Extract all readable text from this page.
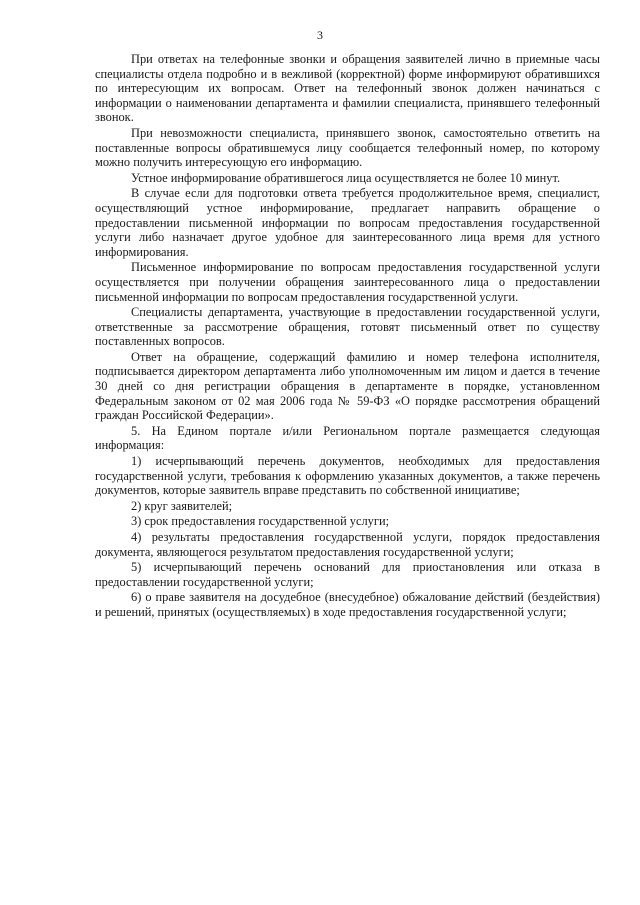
3

При ответах на телефонные звонки и обращения заявителей лично в приемные часы специалисты отдела подробно и в вежливой (корректной) форме информируют обратившихся по интересующим их вопросам. Ответ на телефонный звонок должен начинаться с информации о наименовании департамента и фамилии специалиста, принявшего телефонный звонок.

При невозможности специалиста, принявшего звонок, самостоятельно ответить на поставленные вопросы обратившемуся лицу сообщается телефонный номер, по которому можно получить интересующую его информацию.

Устное информирование обратившегося лица осуществляется не более 10 минут.

В случае если для подготовки ответа требуется продолжительное время, специалист, осуществляющий устное информирование, предлагает направить обращение о предоставлении письменной информации по вопросам предоставления государственной услуги либо назначает другое удобное для заинтересованного лица время для устного информирования.

Письменное информирование по вопросам предоставления государственной услуги осуществляется при получении обращения заинтересованного лица о предоставлении письменной информации по вопросам предоставления государственной услуги.

Специалисты департамента, участвующие в предоставлении государственной услуги, ответственные за рассмотрение обращения, готовят письменный ответ по существу поставленных вопросов.

Ответ на обращение, содержащий фамилию и номер телефона исполнителя, подписывается директором департамента либо уполномоченным им лицом и дается в течение 30 дней со дня регистрации обращения в департаменте в порядке, установленном Федеральным законом от 02 мая 2006 года № 59-ФЗ «О порядке рассмотрения обращений граждан Российской Федерации».

5. На Едином портале и/или Региональном портале размещается следующая информация:

1) исчерпывающий перечень документов, необходимых для предоставления государственной услуги, требования к оформлению указанных документов, а также перечень документов, которые заявитель вправе представить по собственной инициативе;

2) круг заявителей;

3) срок предоставления государственной услуги;

4) результаты предоставления государственной услуги, порядок предоставления документа, являющегося результатом предоставления государственной услуги;

5) исчерпывающий перечень оснований для приостановления или отказа в предоставлении государственной услуги;

6) о праве заявителя на досудебное (внесудебное) обжалование действий (бездействия) и решений, принятых (осуществляемых) в ходе предоставления государственной услуги;
